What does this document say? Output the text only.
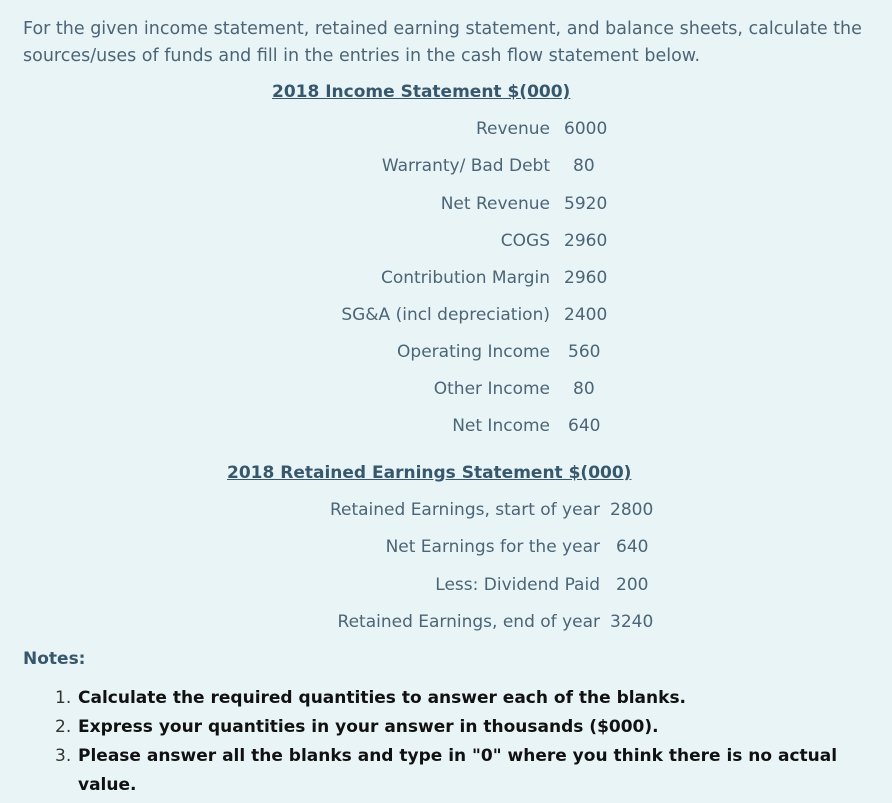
For the given income statement, retained earning statement, and balance sheets, calculate the sources/uses of funds and fill in the entries in the cash flow statement below.
2018 Income Statement $(000)
Revenue 6000
Warranty/ Bad Debt 80
Net Revenue 5920
COGS 2960
Contribution Margin 2960
SG&A (incl depreciation) 2400
Operating Income 560
Other Income 80
Net Income 640
2018 Retained Earnings Statement $(000)
Retained Earnings, start of year 2800
Net Earnings for the year 640
Less: Dividend Paid 200
Retained Earnings, end of year 3240
Notes:
1. Calculate the required quantities to answer each of the blanks.
2. Express your quantities in your answer in thousands ($000).
3. Please answer all the blanks and type in "0" where you think there is no actual value.
